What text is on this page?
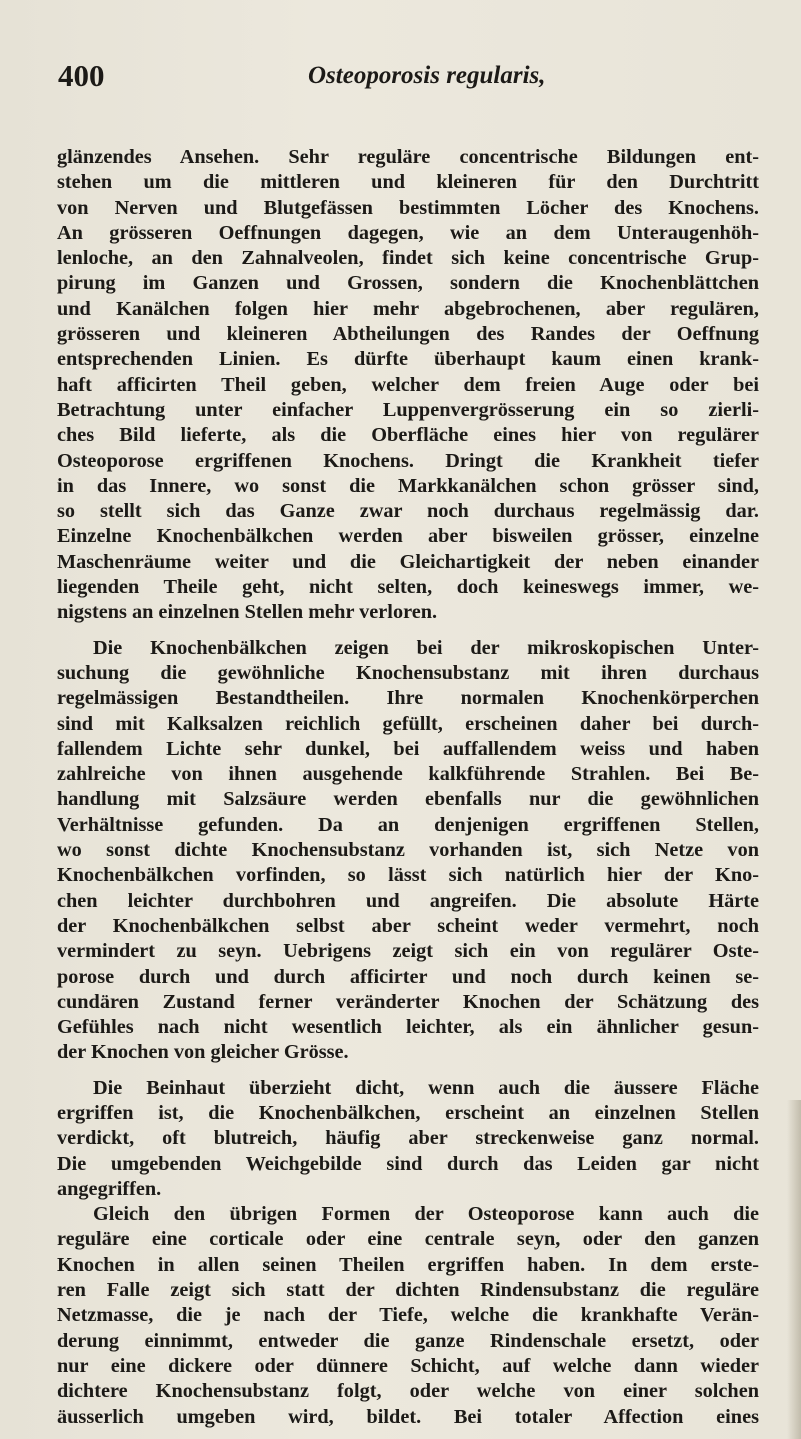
400	Osteoporosis regularis,
glänzendes Ansehen. Sehr reguläre concentrische Bildungen ent-
stehen um die mittleren und kleineren für den Durchtritt
von Nerven und Blutgefässen bestimmten Löcher des Knochens.
An grösseren Oeffnungen dagegen, wie an dem Unteraugenhöh-
lenloche, an den Zahnalveolen, findet sich keine concentrische Grup-
pirung im Ganzen und Grossen, sondern die Knochenblättchen
und Kanälchen folgen hier mehr abgebrochenen, aber regulären,
grösseren und kleineren Abtheilungen des Randes der Oeffnung
entsprechenden Linien. Es dürfte überhaupt kaum einen krank-
haft afficirten Theil geben, welcher dem freien Auge oder bei
Betrachtung unter einfacher Luppenvergrösserung ein so zierli-
ches Bild lieferte, als die Oberfläche eines hier von regulärer
Osteoporose ergriffenen Knochens. Dringt die Krankheit tiefer
in das Innere, wo sonst die Markkanälchen schon grösser sind,
so stellt sich das Ganze zwar noch durchaus regelmässig dar.
Einzelne Knochenbälkchen werden aber bisweilen grösser, einzelne
Maschenräume weiter und die Gleichartigkeit der neben einander
liegenden Theile geht, nicht selten, doch keineswegs immer, we-
nigstens an einzelnen Stellen mehr verloren.
Die Knochenbälkchen zeigen bei der mikroskopischen Unter-
suchung die gewöhnliche Knochensubstanz mit ihren durchaus
regelmässigen Bestandtheilen. Ihre normalen Knochenkörperchen
sind mit Kalksalzen reichlich gefüllt, erscheinen daher bei durch-
fallendem Lichte sehr dunkel, bei auffallendem weiss und haben
zahlreiche von ihnen ausgehende kalkführende Strahlen. Bei Be-
handlung mit Salzsäure werden ebenfalls nur die gewöhnlichen
Verhältnisse gefunden. Da an denjenigen ergriffenen Stellen,
wo sonst dichte Knochensubstanz vorhanden ist, sich Netze von
Knochenbälkchen vorfinden, so lässt sich natürlich hier der Kno-
chen leichter durchbohren und angreifen. Die absolute Härte
der Knochenbälkchen selbst aber scheint weder vermehrt, noch
vermindert zu seyn. Uebrigens zeigt sich ein von regulärer Oste-
porose durch und durch afficirter und noch durch keinen se-
cundären Zustand ferner veränderter Knochen der Schätzung des
Gefühles nach nicht wesentlich leichter, als ein ähnlicher gesun-
der Knochen von gleicher Grösse.
Die Beinhaut überzieht dicht, wenn auch die äussere Fläche
ergriffen ist, die Knochenbälkchen, erscheint an einzelnen Stellen
verdickt, oft blutreich, häufig aber streckenweise ganz normal.
Die umgebenden Weichgebilde sind durch das Leiden gar nicht
angegriffen.
Gleich den übrigen Formen der Osteoporose kann auch die
reguläre eine corticale oder eine centrale seyn, oder den ganzen
Knochen in allen seinen Theilen ergriffen haben. In dem erste-
ren Falle zeigt sich statt der dichten Rindensubstanz die reguläre
Netzmasse, die je nach der Tiefe, welche die krankhafte Verän-
derung einnimmt, entweder die ganze Rindenschale ersetzt, oder
nur eine dickere oder dünnere Schicht, auf welche dann wieder
dichtere Knochensubstanz folgt, oder welche von einer solchen
äusserlich umgeben wird, bildet. Bei totaler Affection eines
